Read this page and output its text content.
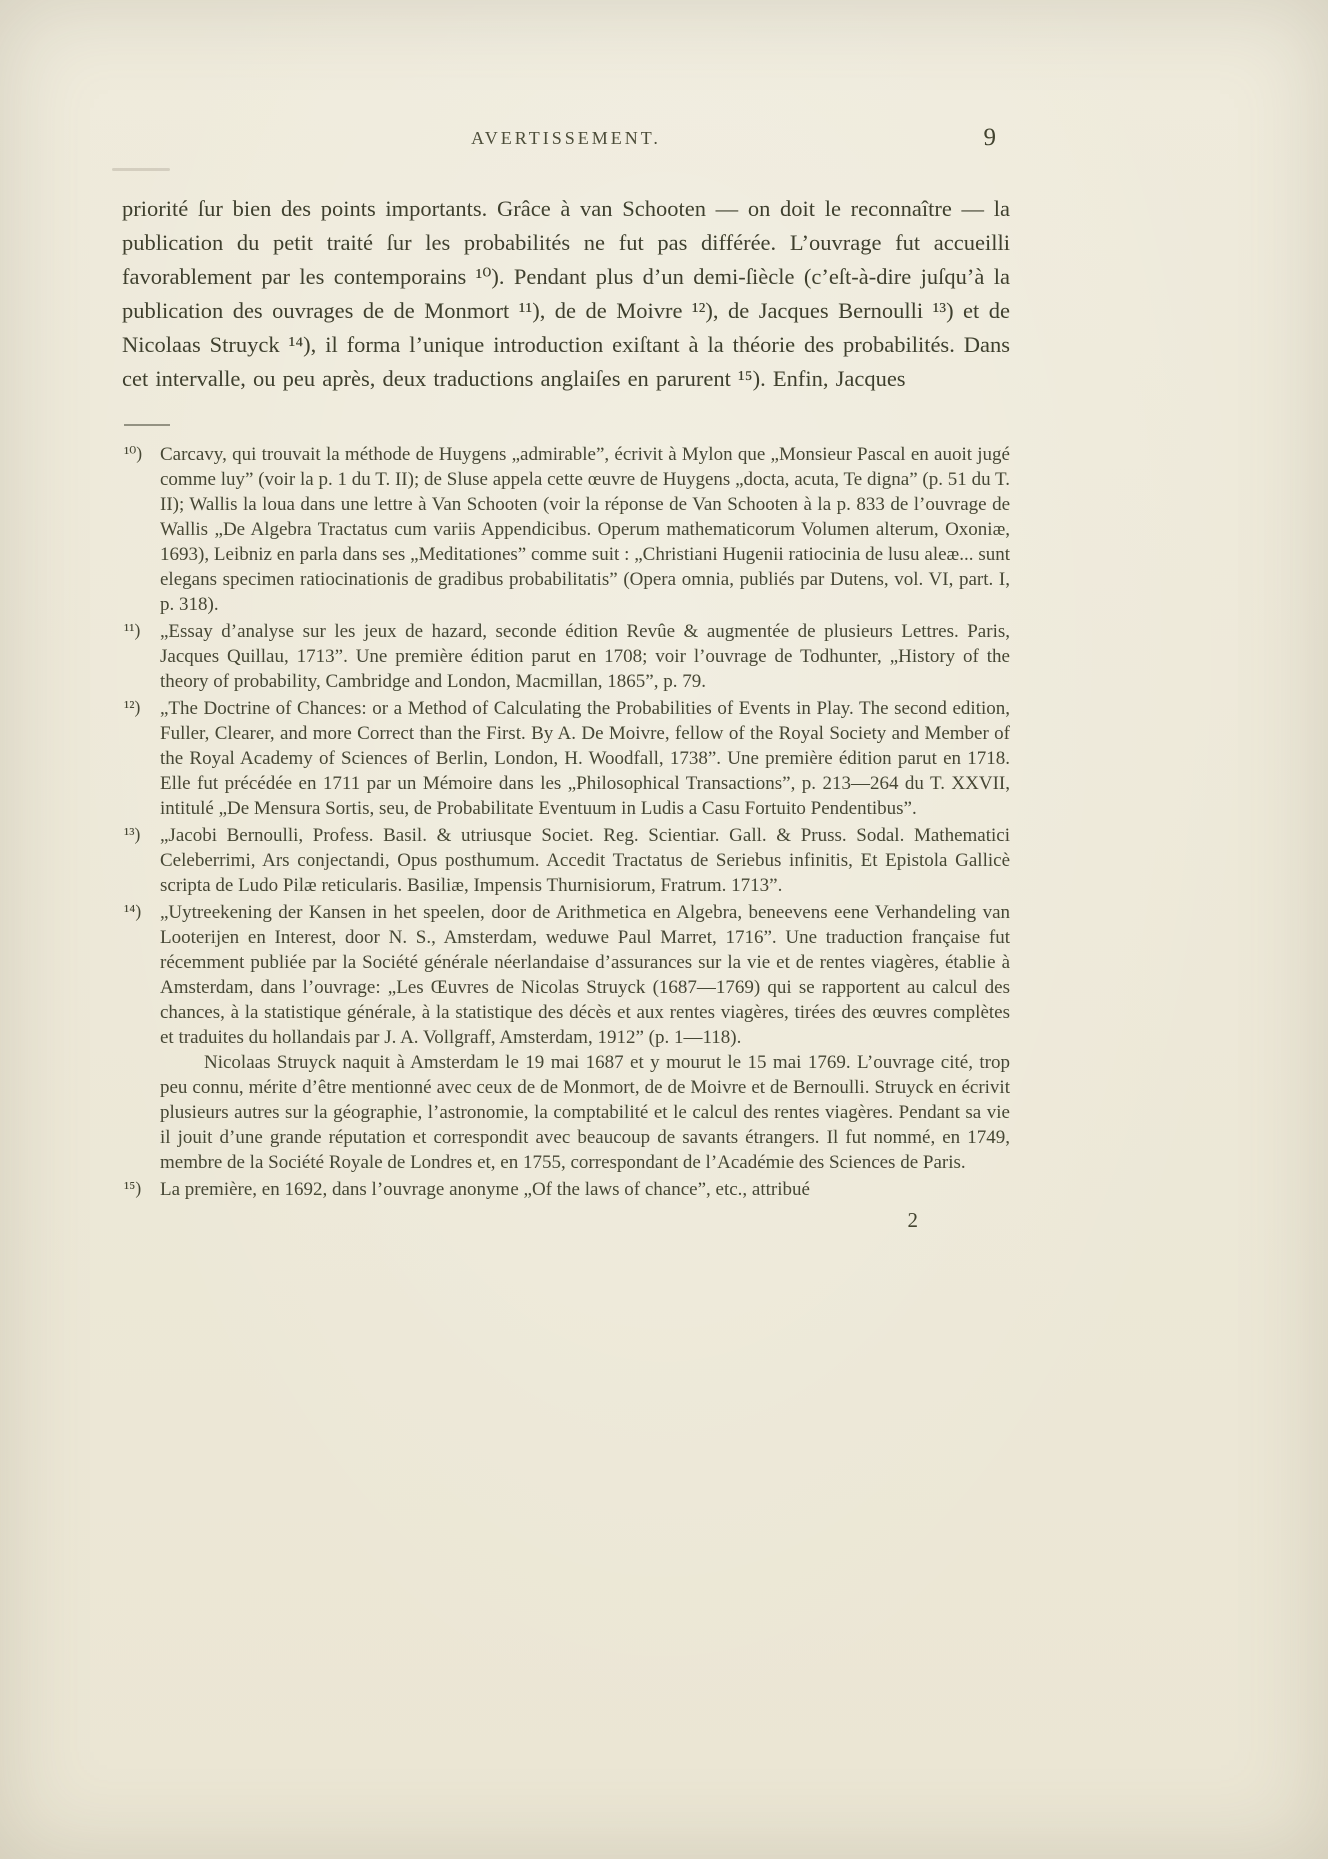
AVERTISSEMENT.	9

priorité ſur bien des points importants. Grâce à van Schooten — on doit le reconnaître — la publication du petit traité ſur les probabilités ne fut pas différée. L’ouvrage fut accueilli favorablement par les contemporains ¹⁰). Pendant plus d’un demi-ſiècle (c’eſt-à-dire juſqu’à la publication des ouvrages de de Monmort ¹¹), de de Moivre ¹²), de Jacques Bernoulli ¹³) et de Nicolaas Struyck ¹⁴), il forma l’unique introduction exiſtant à la théorie des probabilités. Dans cet intervalle, ou peu après, deux traductions anglaiſes en parurent ¹⁵). Enfin, Jacques

¹⁰) Carcavy, qui trouvait la méthode de Huygens „admirable”, écrivit à Mylon que „Monsieur Pascal en auoit jugé comme luy” (voir la p. 1 du T. II); de Sluse appela cette œuvre de Huygens „docta, acuta, Te digna” (p. 51 du T. II); Wallis la loua dans une lettre à Van Schooten (voir la réponse de Van Schooten à la p. 833 de l’ouvrage de Wallis „De Algebra Tractatus cum variis Appendicibus. Operum mathematicorum Volumen alterum, Oxoniæ, 1693), Leibniz en parla dans ses „Meditationes” comme suit : „Christiani Hugenii ratiocinia de lusu aleæ... sunt elegans specimen ratiocinationis de gradibus probabilitatis” (Opera omnia, publiés par Dutens, vol. VI, part. I, p. 318).

¹¹) „Essay d’analyse sur les jeux de hazard, seconde édition Revûe & augmentée de plusieurs Lettres. Paris, Jacques Quillau, 1713”. Une première édition parut en 1708; voir l’ouvrage de Todhunter, „History of the theory of probability, Cambridge and London, Macmillan, 1865”, p. 79.

¹²) „The Doctrine of Chances: or a Method of Calculating the Probabilities of Events in Play. The second edition, Fuller, Clearer, and more Correct than the First. By A. De Moivre, fellow of the Royal Society and Member of the Royal Academy of Sciences of Berlin, London, H. Woodfall, 1738”. Une première édition parut en 1718. Elle fut précédée en 1711 par un Mémoire dans les „Philosophical Transactions”, p. 213—264 du T. XXVII, intitulé „De Mensura Sortis, seu, de Probabilitate Eventuum in Ludis a Casu Fortuito Pendentibus”.

¹³) „Jacobi Bernoulli, Profess. Basil. & utriusque Societ. Reg. Scientiar. Gall. & Pruss. Sodal. Mathematici Celeberrimi, Ars conjectandi, Opus posthumum. Accedit Tractatus de Seriebus infinitis, Et Epistola Gallicè scripta de Ludo Pilæ reticularis. Basiliæ, Impensis Thurnisiorum, Fratrum. 1713”.

¹⁴) „Uytreekening der Kansen in het speelen, door de Arithmetica en Algebra, beneevens eene Verhandeling van Looterijen en Interest, door N. S., Amsterdam, weduwe Paul Marret, 1716”. Une traduction française fut récemment publiée par la Société générale néerlandaise d’assurances sur la vie et de rentes viagères, établie à Amsterdam, dans l’ouvrage: „Les Œuvres de Nicolas Struyck (1687—1769) qui se rapportent au calcul des chances, à la statistique générale, à la statistique des décès et aux rentes viagères, tirées des œuvres complètes et traduites du hollandais par J. A. Vollgraff, Amsterdam, 1912” (p. 1—118).

Nicolaas Struyck naquit à Amsterdam le 19 mai 1687 et y mourut le 15 mai 1769. L’ouvrage cité, trop peu connu, mérite d’être mentionné avec ceux de de Monmort, de de Moivre et de Bernoulli. Struyck en écrivit plusieurs autres sur la géographie, l’astronomie, la comptabilité et le calcul des rentes viagères. Pendant sa vie il jouit d’une grande réputation et correspondit avec beaucoup de savants étrangers. Il fut nommé, en 1749, membre de la Société Royale de Londres et, en 1755, correspondant de l’Académie des Sciences de Paris.

¹⁵) La première, en 1692, dans l’ouvrage anonyme „Of the laws of chance”, etc., attribué

2
